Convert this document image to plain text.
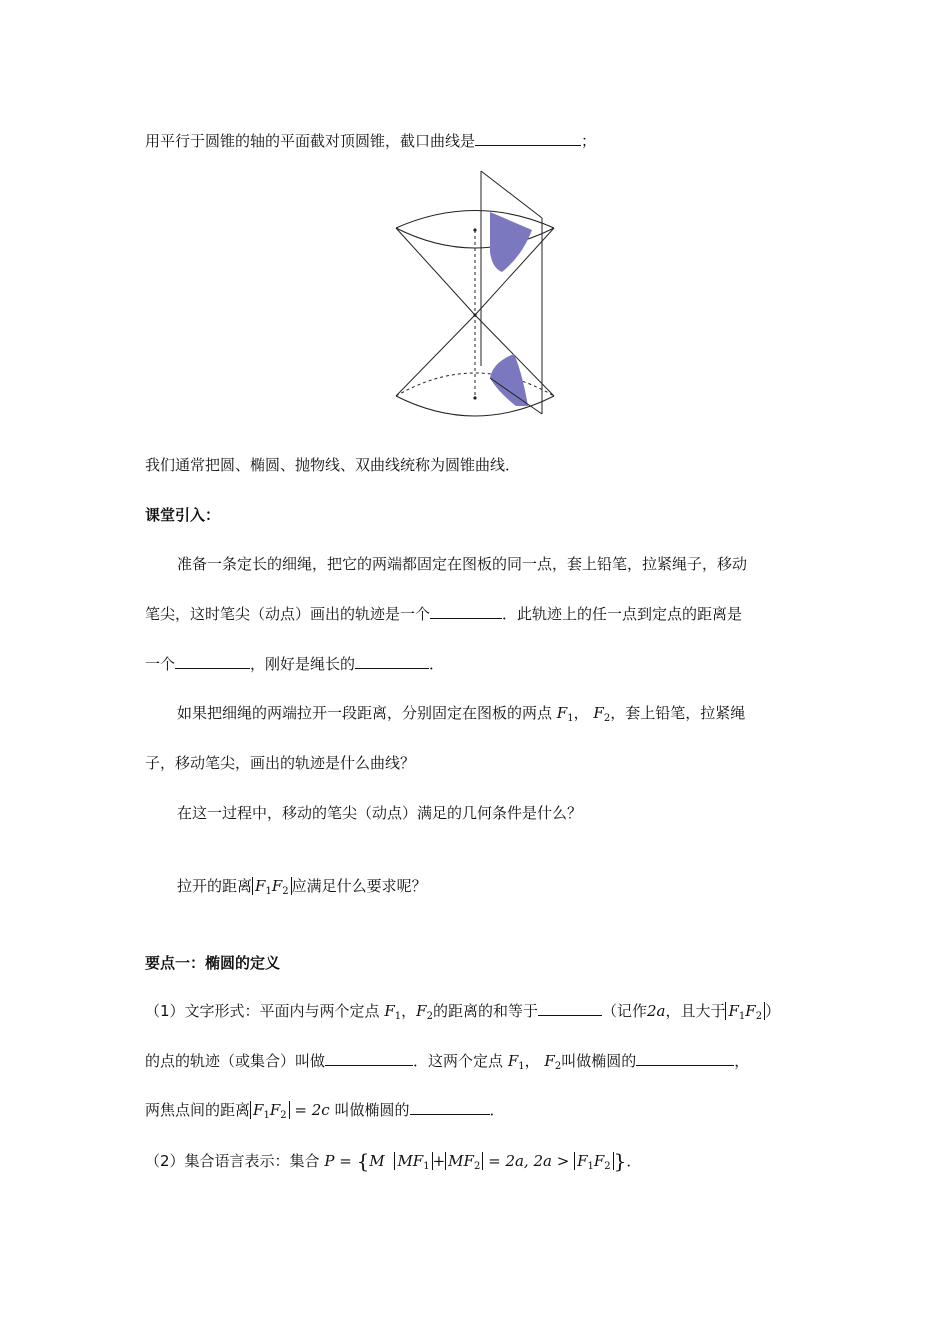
用平行于圆锥的轴的平面截对顶圆锥，截口曲线是	；
我们通常把圆、椭圆、抛物线、双曲线统称为圆锥曲线．
课堂引入：
准备一条定长的细绳，把它的两端都固定在图板的同一点，套上铅笔，拉紧绳子，移动
笔尖，这时笔尖（动点）画出的轨迹是一个	．此轨迹上的任一点到定点的距离是
一个	，刚好是绳长的	．
如果把细绳的两端拉开一段距离，分别固定在图板的两点 $F_1$， $F_2$，套上铅笔，拉紧绳
子，移动笔尖，画出的轨迹是什么曲线？
在这一过程中，移动的笔尖（动点）满足的几何条件是什么？
拉开的距离 $F_1F_2$ 应满足什么要求呢？
要点一：椭圆的定义
（1）文字形式：平面内与两个定点 $F_1$，$F_2$的距离的和等于	（记作2a，且大于 $F_1F_2$ ）
的点的轨迹（或集合）叫做	．这两个定点 $F_1$， $F_2$叫做椭圆的	，
两焦点间的距离 $F_1F_2 = 2c$ 叫做椭圆的	．
（2）集合语言表示：集合 P = {M $MF_1 + MF_2 = 2a$, $2a > F_1F_2$ }．
